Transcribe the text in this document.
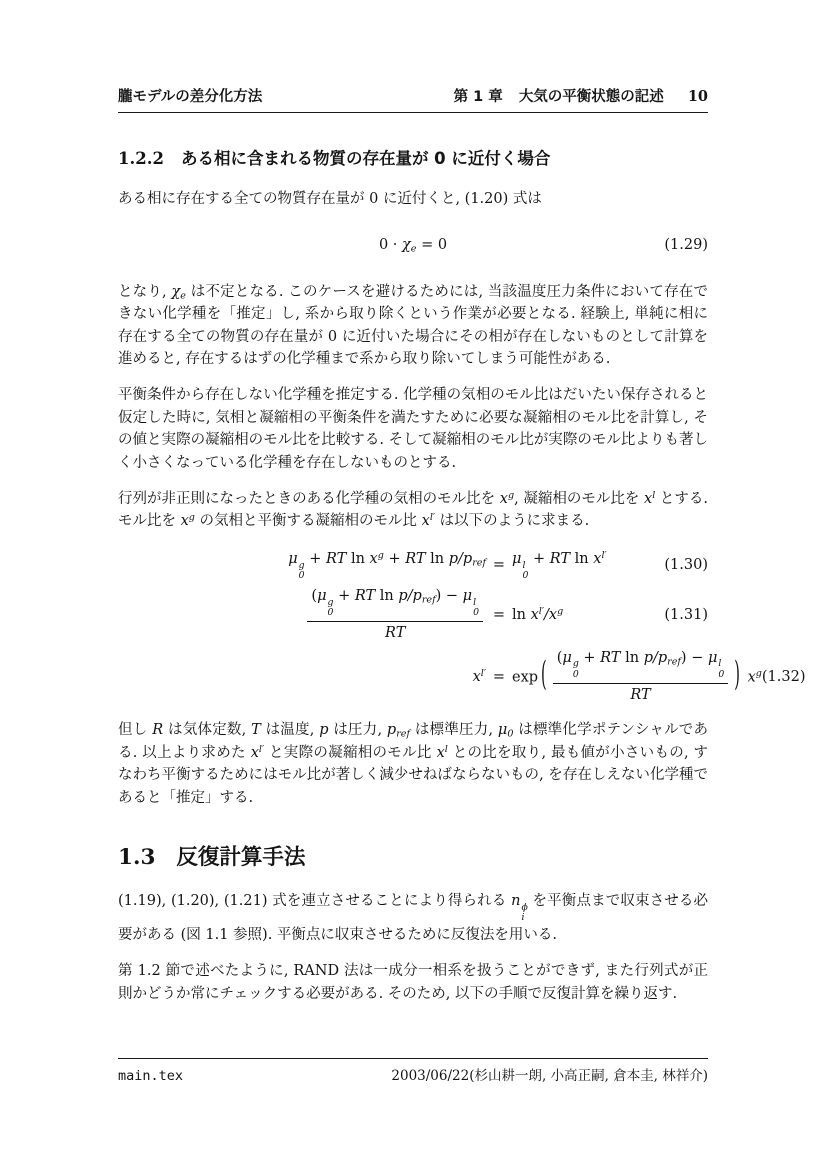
朧モデルの差分化方法	第 1 章 大気の平衡状態の記述 10
1.2.2 ある相に含まれる物質の存在量が 0 に近付く場合
ある相に存在する全ての物質存在量が 0 に近付くと, (1.20) 式は
$0 \cdot \chi_e = 0$	(1.29)
となり, $\chi_e$ は不定となる. このケースを避けるためには, 当該温度圧力条件において存在できない化学種を「推定」し, 系から取り除くという作業が必要となる. 経験上, 単純に相に存在する全ての物質の存在量が 0 に近付いた場合にその相が存在しないものとして計算を進めると, 存在するはずの化学種まで系から取り除いてしまう可能性がある.
平衡条件から存在しない化学種を推定する. 化学種の気相のモル比はだいたい保存されると仮定した時に, 気相と凝縮相の平衡条件を満たすために必要な凝縮相のモル比を計算し, その値と実際の凝縮相のモル比を比較する. そして凝縮相のモル比が実際のモル比よりも著しく小さくなっている化学種を存在しないものとする.
行列が非正則になったときのある化学種の気相のモル比を $x^g$, 凝縮相のモル比を $x^l$ とする. モル比を $x^g$ の気相と平衡する凝縮相のモル比 $x^{l'}$ は以下のように求まる.
μ g
0
+ RT $\ln x^g$ + RT $\ln p/p_{ref} = \mu$ l
0
+ RT $\ln x^{l'}$
(1.30)
(μ g
0
+ RT $\ln p/p_{ref}) - \mu$ l
0
RT = $\ln x^{l'}/x^g$	(1.31)
$x^{l'} = \exp$ ( (μ g
0
+ RT $\ln p/p_{ref}) - \mu$ l
0
RT ) $x^g$ (1.32)
但し R は気体定数, T は温度, p は圧力, $p_{ref}$ は標準圧力, $\mu_0$ は標準化学ポテンシャルである. 以上より求めた $x^{l'}$ と実際の凝縮相のモル比 $x^l$ との比を取り, 最も値が小さいもの, すなわち平衡するためにはモル比が著しく減少せねばならないもの, を存在しえない化学種であると「推定」する.
1.3 反復計算手法
(1.19), (1.20), (1.21) 式を連立させることにより得られる n ϕ
i
を平衡点まで収束させる必要がある (図 1.1 参照). 平衡点に収束させるために反復法を用いる.
第 1.2 節で述べたように, RAND 法は一成分一相系を扱うことができず, また行列式が正則かどうか常にチェックする必要がある. そのため, 以下の手順で反復計算を繰り返す.
main.tex	2003/06/22(杉山耕一朗, 小高正嗣, 倉本圭, 林祥介)
